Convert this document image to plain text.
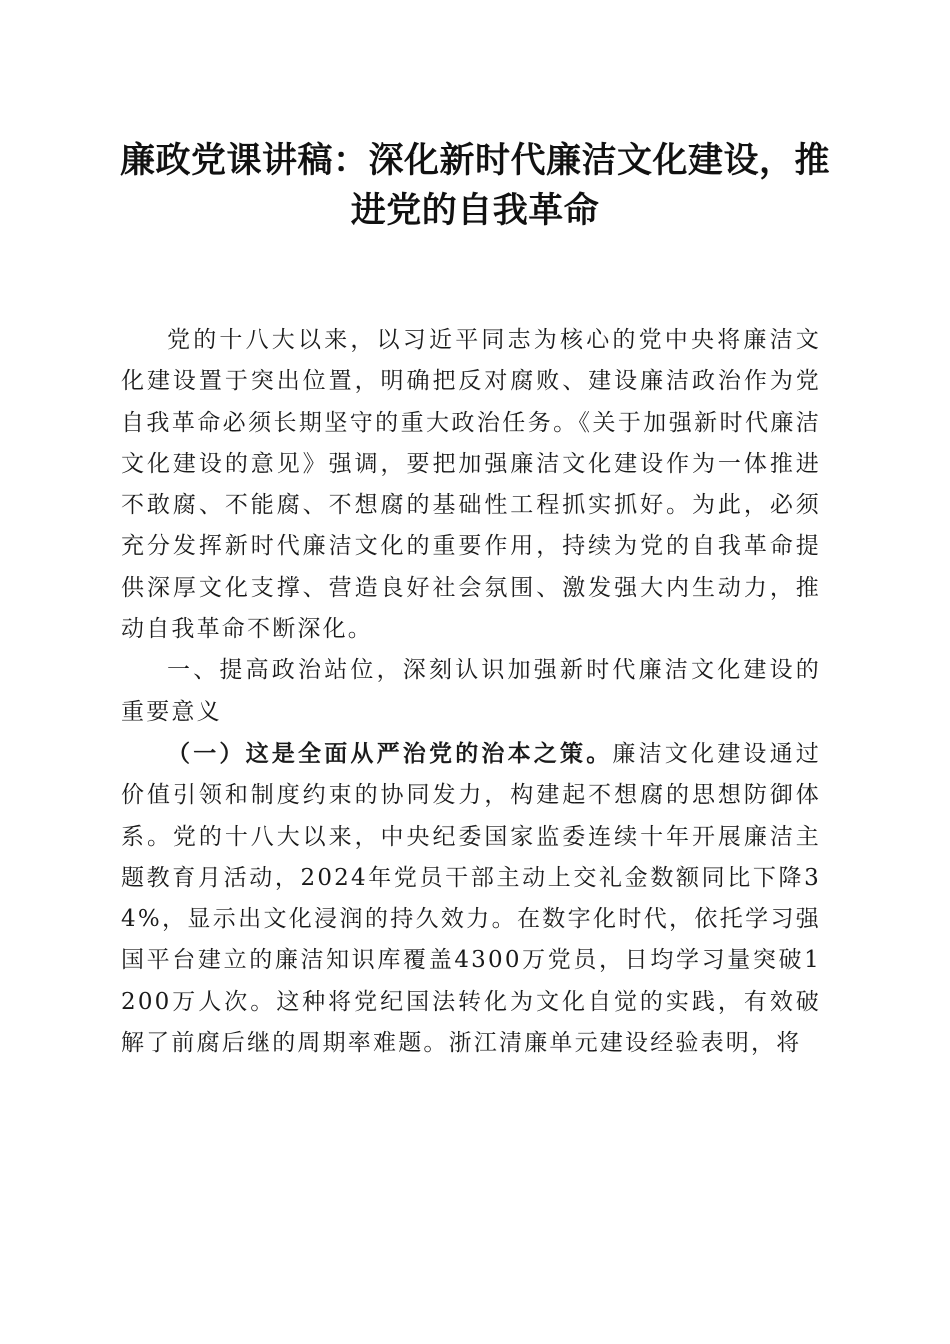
廉政党课讲稿：深化新时代廉洁文化建设，推进党的自我革命

党的十八大以来，以习近平同志为核心的党中央将廉洁文化建设置于突出位置，明确把反对腐败、建设廉洁政治作为党自我革命必须长期坚守的重大政治任务。《关于加强新时代廉洁文化建设的意见》强调，要把加强廉洁文化建设作为一体推进不敢腐、不能腐、不想腐的基础性工程抓实抓好。为此，必须充分发挥新时代廉洁文化的重要作用，持续为党的自我革命提供深厚文化支撑、营造良好社会氛围、激发强大内生动力，推动自我革命不断深化。

一、提高政治站位，深刻认识加强新时代廉洁文化建设的重要意义

（一）这是全面从严治党的治本之策。廉洁文化建设通过价值引领和制度约束的协同发力，构建起不想腐的思想防御体系。党的十八大以来，中央纪委国家监委连续十年开展廉洁主题教育月活动，2024年党员干部主动上交礼金数额同比下降34%，显示出文化浸润的持久效力。在数字化时代，依托学习强国平台建立的廉洁知识库覆盖4300万党员，日均学习量突破1200万人次。这种将党纪国法转化为文化自觉的实践，有效破解了前腐后继的周期率难题。浙江清廉单元建设经验表明，将
